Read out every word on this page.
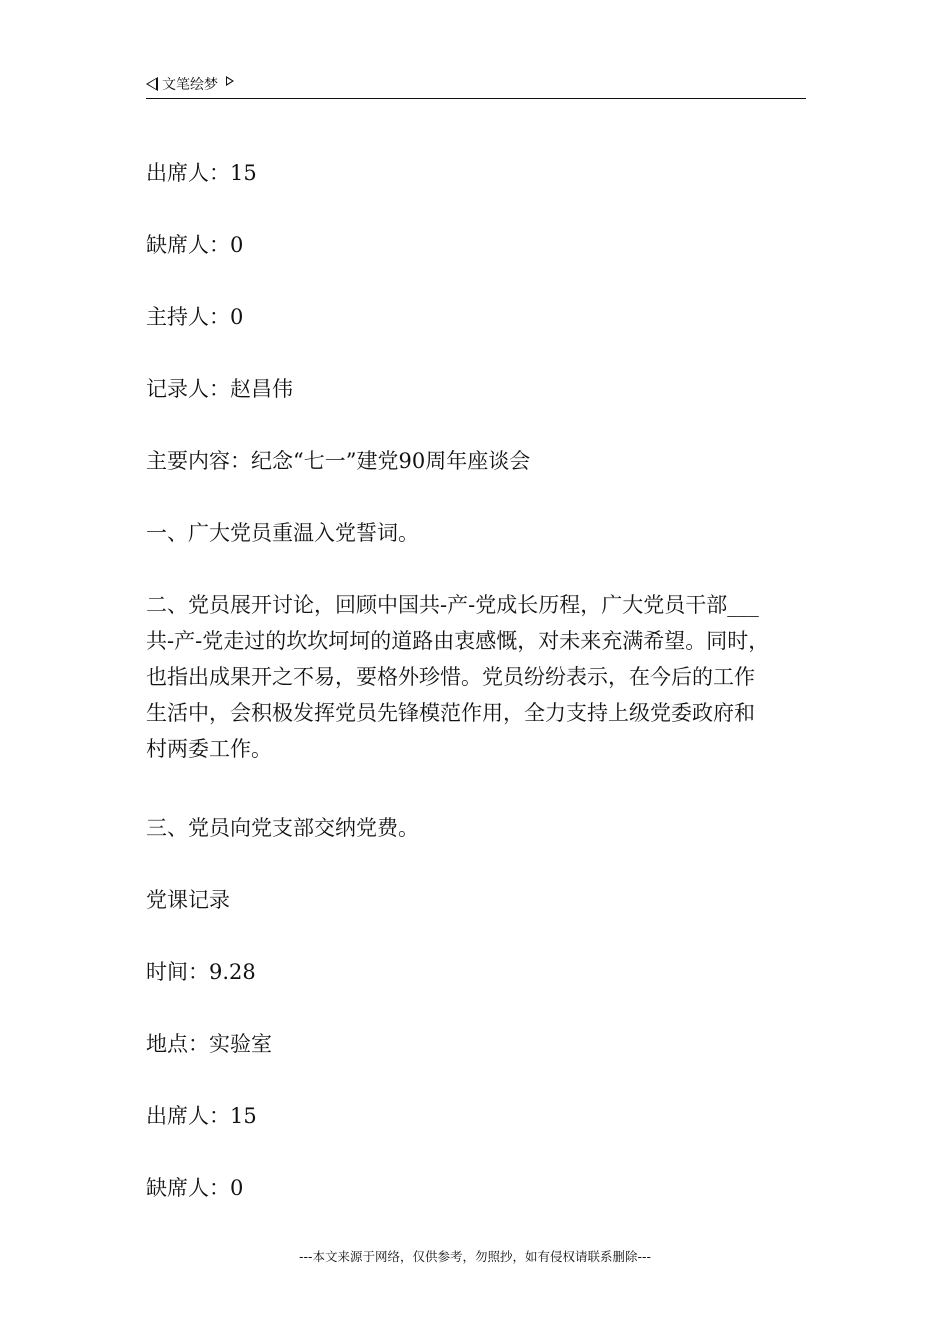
文笔绘梦
出席人：15
缺席人：0
主持人：0
记录人：赵昌伟
主要内容：纪念“七一”建党90周年座谈会
一、广大党员重温入党誓词。
二、党员展开讨论，回顾中国共-产-党成长历程，广大党员干部___
共-产-党走过的坎坎坷坷的道路由衷感慨，对未来充满希望。同时，
也指出成果开之不易，要格外珍惜。党员纷纷表示，在今后的工作
生活中，会积极发挥党员先锋模范作用，全力支持上级党委政府和
村两委工作。
三、党员向党支部交纳党费。
党课记录
时间：9.28
地点：实验室
出席人：15
缺席人：0
---本文来源于网络，仅供参考，勿照抄，如有侵权请联系删除---
